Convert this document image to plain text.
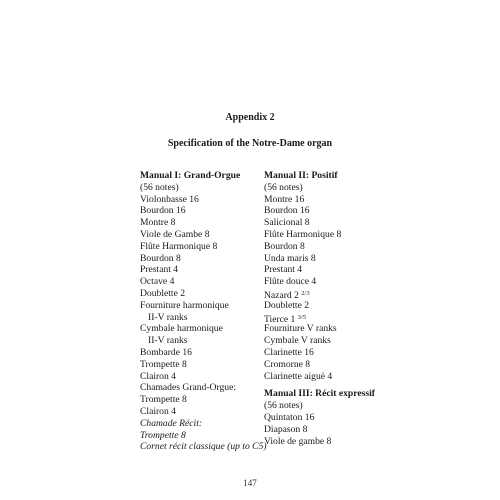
Appendix 2
Specification of the Notre-Dame organ
Manual I: Grand-Orgue
(56 notes)
Violonbasse 16
Bourdon 16
Montre 8
Viole de Gambe 8
Flûte Harmonique 8
Bourdon 8
Prestant 4
Octave 4
Doublette 2
Fourniture harmonique
II-V ranks
Cymbale harmonique
II-V ranks
Bombarde 16
Trompette 8
Clairon 4
Chamades Grand-Orgue:
Trompette 8
Clairon 4
Chamade Récit:
Trompette 8
Cornet récit classique (up to C5)
Manual II: Positif
(56 notes)
Montre 16
Bourdon 16
Salicional 8
Flûte Harmonique 8
Bourdon 8
Unda maris 8
Prestant 4
Flûte douce 4
Nazard 2 $^{2/3}$
Doublette 2
Tierce 1 $^{3/5}$
Fourniture V ranks
Cymbale V ranks
Clarinette 16
Cromorne 8
Clarinette aiguë 4
Manual III: Récit expressif
(56 notes)
Quintaton 16
Diapason 8
Viole de gambe 8
147
